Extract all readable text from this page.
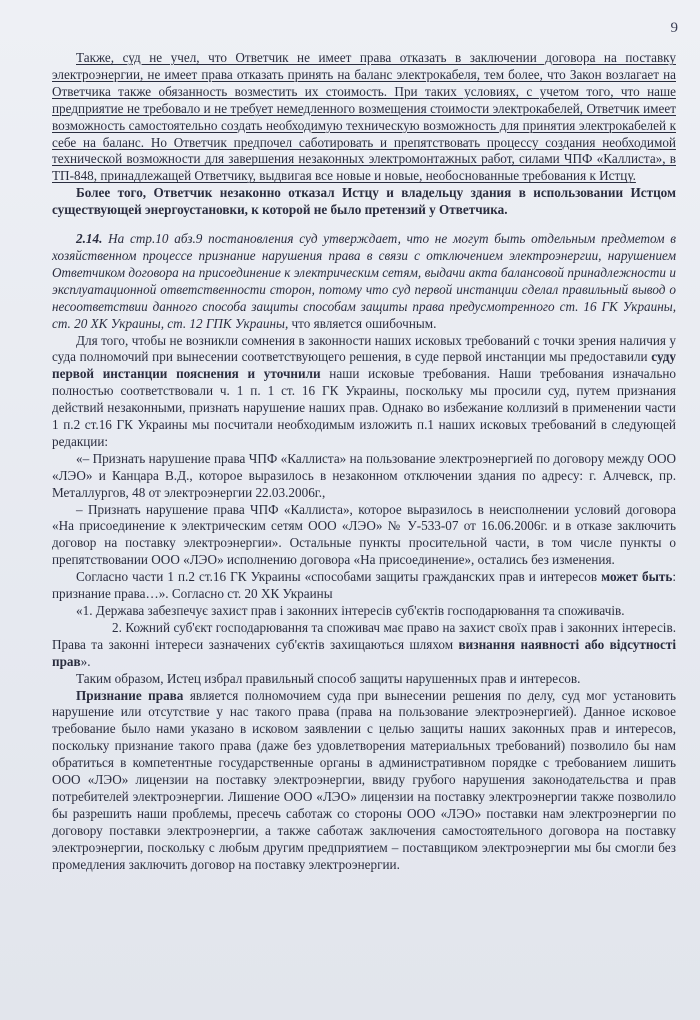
9

Также, суд не учел, что Ответчик не имеет права отказать в заключении договора на поставку электроэнергии, не имеет права отказать принять на баланс электрокабеля, тем более, что Закон возлагает на Ответчика также обязанность возместить их стоимость. При таких условиях, с учетом того, что наше предприятие не требовало и не требует немедленного возмещения стоимости электрокабелей, Ответчик имеет возможность самостоятельно создать необходимую техническую возможность для принятия электрокабелей к себе на баланс. Но Ответчик предпочел саботировать и препятствовать процессу создания необходимой технической возможности для завершения незаконных электромонтажных работ, силами ЧПФ «Каллиста», в ТП-848, принадлежащей Ответчику, выдвигая все новые и новые, необоснованные требования к Истцу.

Более того, Ответчик незаконно отказал Истцу и владельцу здания в использовании Истцом существующей энергоустановки, к которой не было претензий у Ответчика.

2.14. На стр.10 абз.9 постановления суд утверждает, что не могут быть отдельным предметом в хозяйственном процессе признание нарушения права в связи с отключением электроэнергии, нарушением Ответчиком договора на присоединение к электрическим сетям, выдачи акта балансовой принадлежности и эксплуатационной ответственности сторон, потому что суд первой инстанции сделал правильный вывод о несоответствии данного способа защиты способам защиты права предусмотренного ст. 16 ГК Украины, ст. 20 ХК Украины, ст. 12 ГПК Украины, что является ошибочным.

Для того, чтобы не возникли сомнения в законности наших исковых требований с точки зрения наличия у суда полномочий при вынесении соответствующего решения, в суде первой инстанции мы предоставили суду первой инстанции пояснения и уточнили наши исковые требования. Наши требования изначально полностью соответствовали ч. 1 п. 1 ст. 16 ГК Украины, поскольку мы просили суд, путем признания действий незаконными, признать нарушение наших прав. Однако во избежание коллизий в применении части 1 п.2 ст.16 ГК Украины мы посчитали необходимым изложить п.1 наших исковых требований в следующей редакции:

«– Признать нарушение права ЧПФ «Каллиста» на пользование электроэнергией по договору между ООО «ЛЭО» и Канцара В.Д., которое выразилось в незаконном отключении здания по адресу: г. Алчевск, пр. Металлургов, 48 от электроэнергии 22.03.2006г.,

– Признать нарушение права ЧПФ «Каллиста», которое выразилось в неисполнении условий договора «На присоединение к электрическим сетям ООО «ЛЭО» № У-533-07 от 16.06.2006г. и в отказе заключить договор на поставку электроэнергии». Остальные пункты просительной части, в том числе пункты о препятствовании ООО «ЛЭО» исполнению договора «На присоединение», остались без изменения.

Согласно части 1 п.2 ст.16 ГК Украины «способами защиты гражданских прав и интересов может быть: признание права…». Согласно ст. 20 ХК Украины

«1. Держава забезпечує захист прав і законних інтересів суб'єктів господарювання та споживачів.

2. Кожний суб'єкт господарювання та споживач має право на захист своїх прав і законних інтересів. Права та законні інтереси зазначених суб'єктів захищаються шляхом визнання наявності або відсутності прав».

Таким образом, Истец избрал правильный способ защиты нарушенных прав и интересов.

Признание права является полномочием суда при вынесении решения по делу, суд мог установить нарушение или отсутствие у нас такого права (права на пользование электроэнергией). Данное исковое требование было нами указано в исковом заявлении с целью защиты наших законных прав и интересов, поскольку признание такого права (даже без удовлетворения материальных требований) позволило бы нам обратиться в компетентные государственные органы в административном порядке с требованием лишить ООО «ЛЭО» лицензии на поставку электроэнергии, ввиду грубого нарушения законодательства и прав потребителей электроэнергии. Лишение ООО «ЛЭО» лицензии на поставку электроэнергии также позволило бы разрешить наши проблемы, пресечь саботаж со стороны ООО «ЛЭО» поставки нам электроэнергии по договору поставки электроэнергии, а также саботаж заключения самостоятельного договора на поставку электроэнергии, поскольку с любым другим предприятием – поставщиком электроэнергии мы бы смогли без промедления заключить договор на поставку электроэнергии.
